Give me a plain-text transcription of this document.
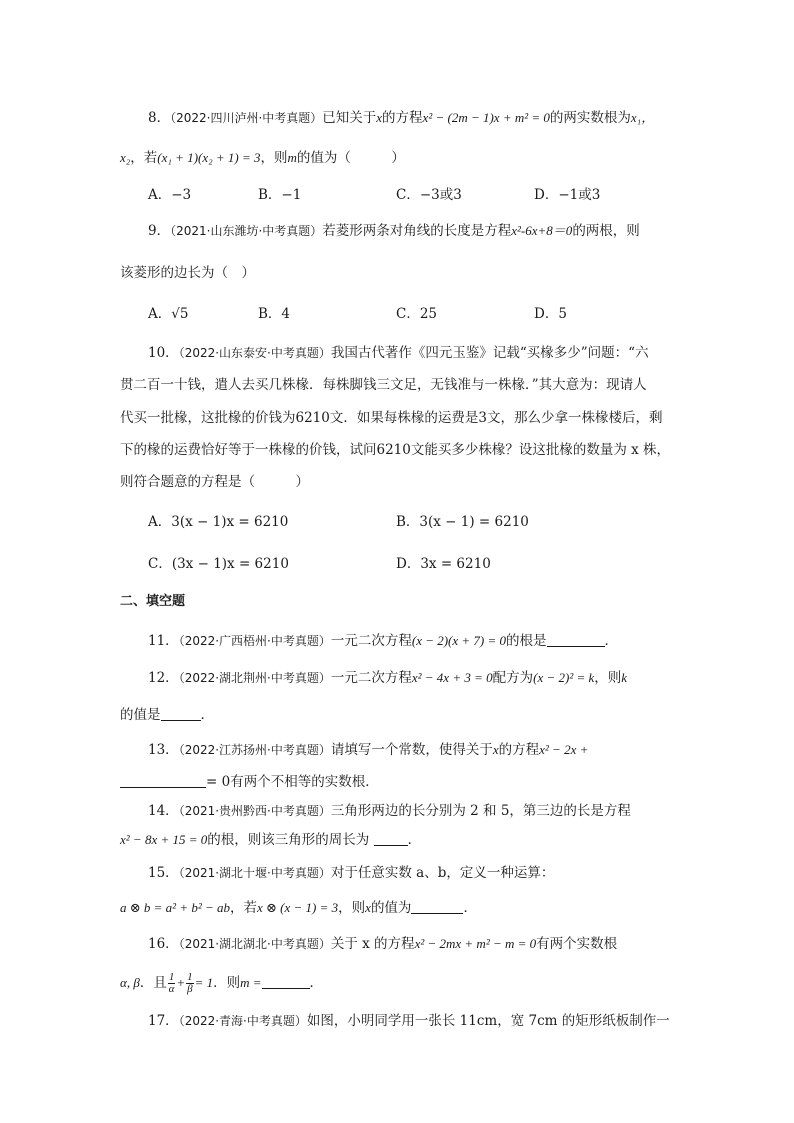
8．（2022·四川泸州·中考真题）已知关于x的方程x² − (2m − 1)x + m² = 0的两实数根为x₁，
x₂，若(x₁ + 1)(x₂ + 1) = 3，则m的值为（　　　）
A．−3	B．−1	C．−3或3	D．−1或3
9．（2021·山东潍坊·中考真题）若菱形两条对角线的长度是方程x²-6x+8＝0的两根，则
该菱形的边长为（　）
A．√5	B．4	C．25	D．5
10．（2022·山东泰安·中考真题）我国古代著作《四元玉鉴》记载“买椽多少”问题：“六
贯二百一十钱，遣人去买几株椽．每株脚钱三文足，无钱准与一株椽．”其大意为：现请人
代买一批椽，这批椽的价钱为6210文．如果每株椽的运费是3文，那么少拿一株椽楼后，剩
下的椽的运费恰好等于一株椽的价钱，试问6210文能买多少株椽？设这批椽的数量为 x 株，
则符合题意的方程是（　　　）
A．3(x − 1)x = 6210	B．3(x − 1) = 6210
C．(3x − 1)x = 6210	D．3x = 6210
二、填空题
11．（2022·广西梧州·中考真题）一元二次方程(x − 2)(x + 7) = 0的根是	．
12．（2022·湖北荆州·中考真题）一元二次方程x² − 4x + 3 = 0配方为(x − 2)² = k，则k
的值是	．
13．（2022·江苏扬州·中考真题）请填写一个常数，使得关于x的方程x² − 2x +
= 0有两个不相等的实数根．
14．（2021·贵州黔西·中考真题）三角形两边的长分别为 2 和 5，第三边的长是方程
x² − 8x + 15 = 0的根，则该三角形的周长为	．
15．（2021·湖北十堰·中考真题）对于任意实数 a、b，定义一种运算：
a ⊗ b = a² + b² − ab，若x ⊗ (x − 1) = 3，则x的值为	．
16．（2021·湖北湖北·中考真题）关于 x 的方程x² − 2mx + m² − m = 0有两个实数根
α, β．且 $\frac{1}{\alpha} + \frac{1}{\beta} = 1$．则m =	．
17．（2022·青海·中考真题）如图，小明同学用一张长 11cm，宽 7cm 的矩形纸板制作一
